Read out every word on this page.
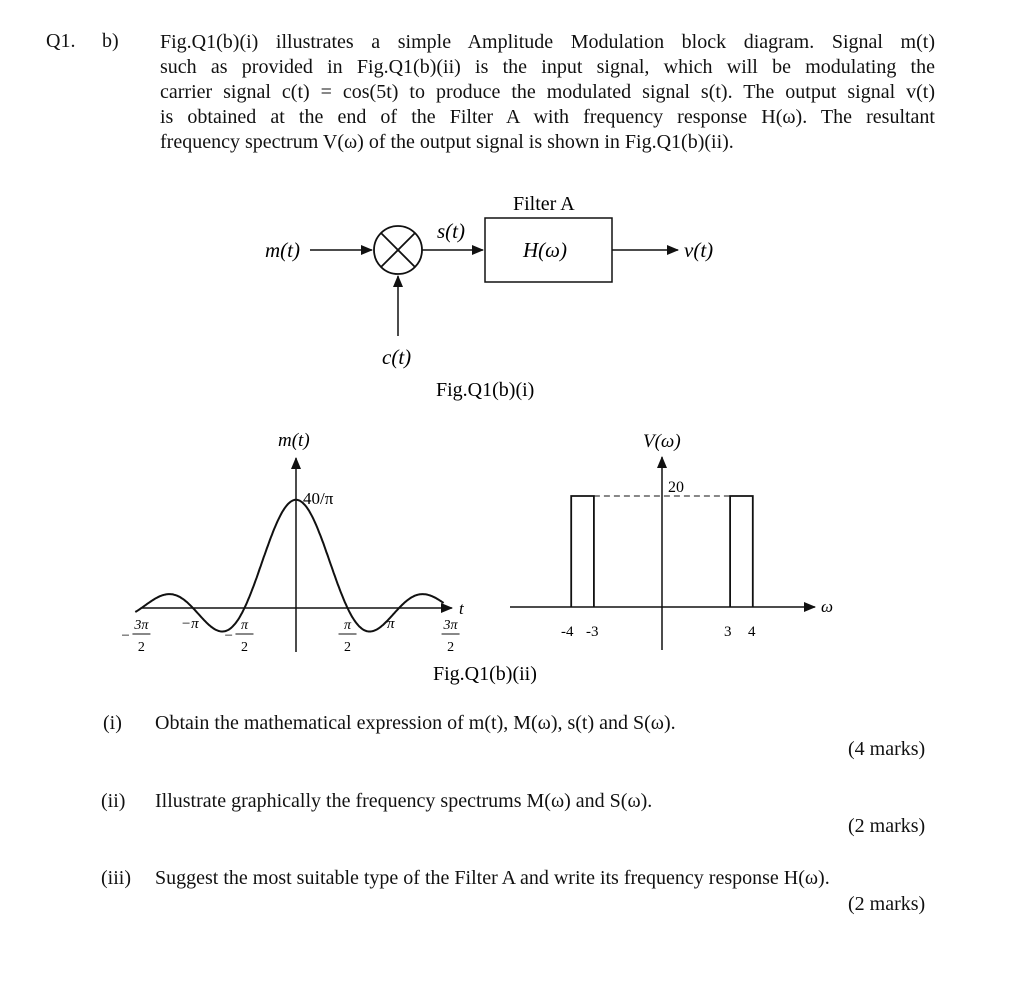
Q1. b) Fig.Q1(b)(i) illustrates a simple Amplitude Modulation block diagram. Signal m(t)
such as provided in Fig.Q1(b)(ii) is the input signal, which will be modulating the
carrier signal c(t) = cos(5t) to produce the modulated signal s(t). The output signal v(t)
is obtained at the end of the Filter A with frequency response H(ω). The resultant
frequency spectrum V(ω) of the output signal is shown in Fig.Q1(b)(ii).
m(t)
c(t)
s(t)
Filter A
H(ω)	v(t)
Fig.Q1(b)(i)
m(t)
t
40/π
−
3π
2
−π
−
π
2
π
2
π	3π
2
V(ω)
ω
20
-4 -3	3 4
Fig.Q1(b)(ii)
(i) Obtain the mathematical expression of m(t), M(ω), s(t) and S(ω).
(4 marks)
(ii) Illustrate graphically the frequency spectrums M(ω) and S(ω).
(2 marks)
(iii) Suggest the most suitable type of the Filter A and write its frequency response H(ω).
(2 marks)
